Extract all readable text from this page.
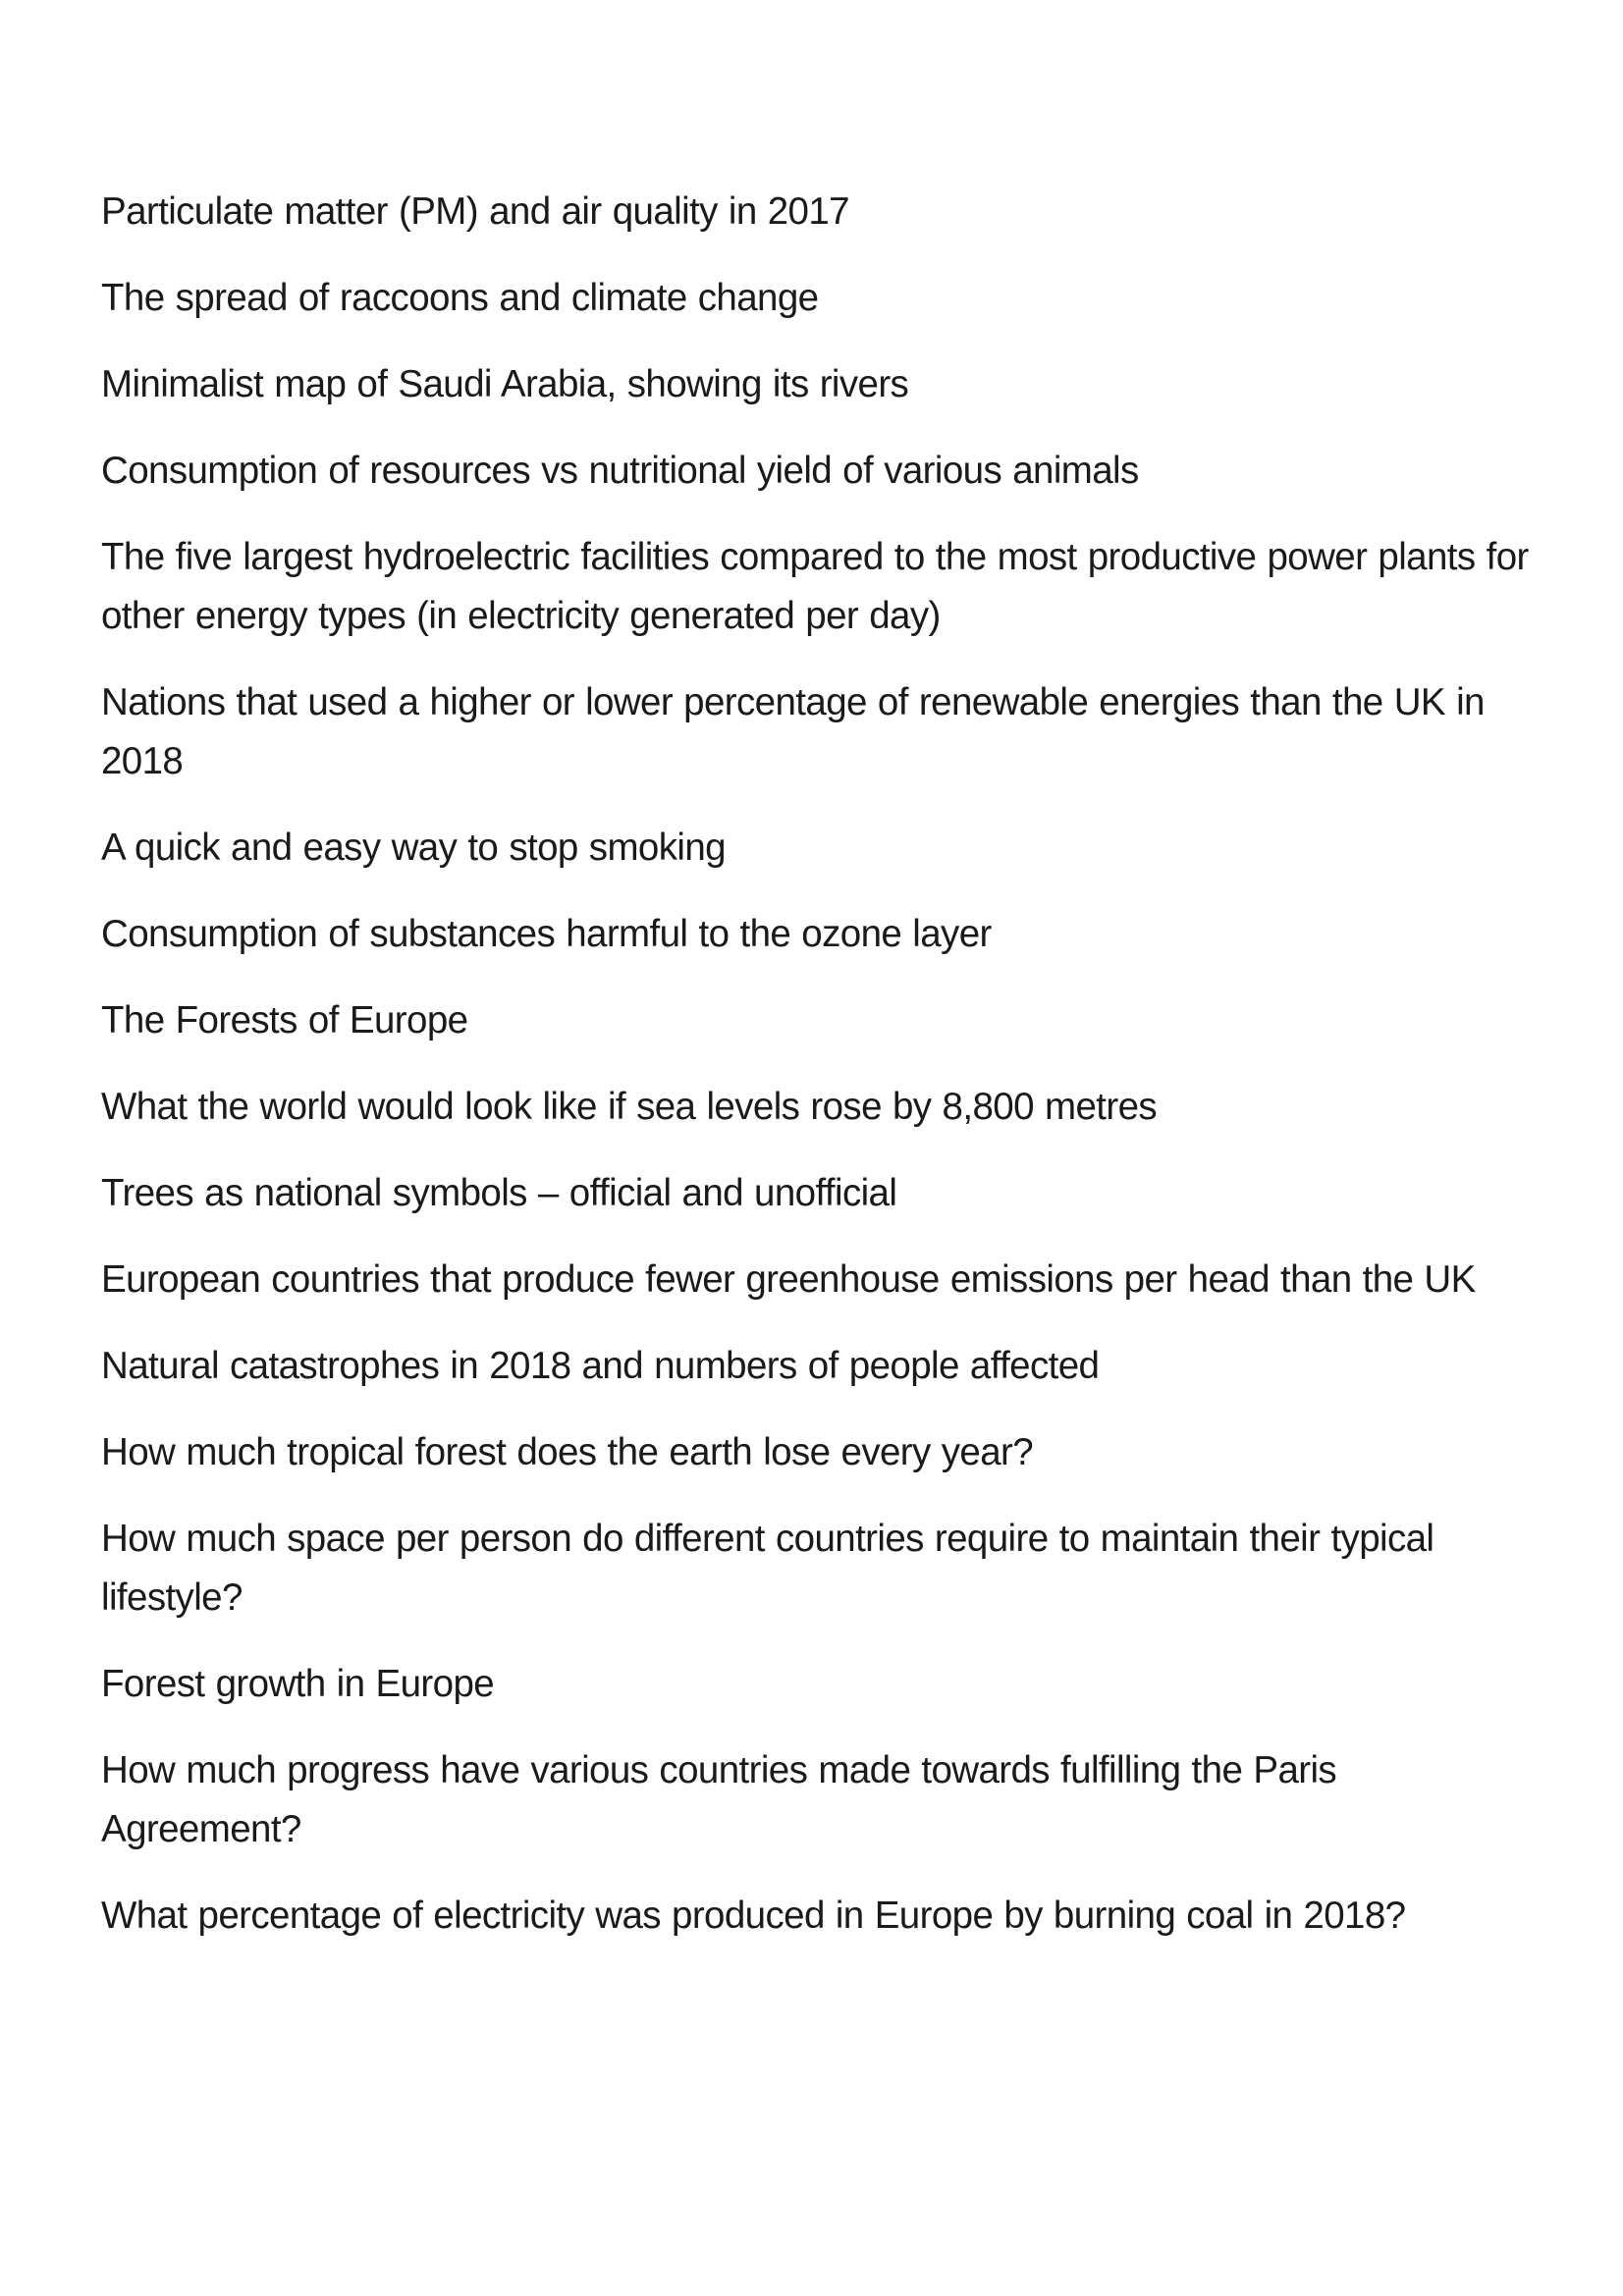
Particulate matter (PM) and air quality in 2017
The spread of raccoons and climate change
Minimalist map of Saudi Arabia, showing its rivers
Consumption of resources vs nutritional yield of various animals
The five largest hydroelectric facilities compared to the most productive power plants for other energy types (in electricity generated per day)
Nations that used a higher or lower percentage of renewable energies than the UK in 2018
A quick and easy way to stop smoking
Consumption of substances harmful to the ozone layer
The Forests of Europe
What the world would look like if sea levels rose by 8,800 metres
Trees as national symbols – official and unofficial
European countries that produce fewer greenhouse emissions per head than the UK
Natural catastrophes in 2018 and numbers of people affected
How much tropical forest does the earth lose every year?
How much space per person do different countries require to maintain their typical lifestyle?
Forest growth in Europe
How much progress have various countries made towards fulfilling the Paris Agreement?
What percentage of electricity was produced in Europe by burning coal in 2018?
